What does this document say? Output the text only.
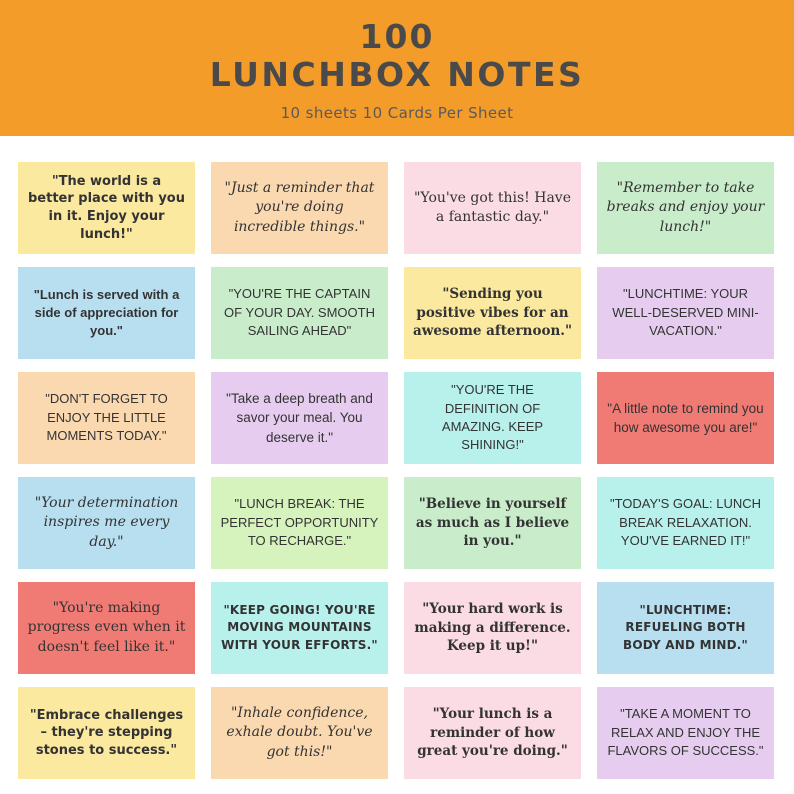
100
LUNCHBOX NOTES
10 sheets 10 Cards Per Sheet
"The world is a better place with you in it. Enjoy your lunch!"
"Just a reminder that you're doing incredible things."
"You've got this! Have a fantastic day."
"Remember to take breaks and enjoy your lunch!"
"Lunch is served with a side of appreciation for you."
"YOU'RE THE CAPTAIN OF YOUR DAY. SMOOTH SAILING AHEAD"
"Sending you positive vibes for an awesome afternoon."
"LUNCHTIME: YOUR WELL-DESERVED MINI-VACATION."
"DON'T FORGET TO ENJOY THE LITTLE MOMENTS TODAY."
"Take a deep breath and savor your meal. You deserve it."
"YOU'RE THE DEFINITION OF AMAZING. KEEP SHINING!"
"A little note to remind you how awesome you are!"
"Your determination inspires me every day."
"LUNCH BREAK: THE PERFECT OPPORTUNITY TO RECHARGE."
"Believe in yourself as much as I believe in you."
"TODAY'S GOAL: LUNCH BREAK RELAXATION. YOU'VE EARNED IT!"
"You're making progress even when it doesn't feel like it."
"KEEP GOING! YOU'RE MOVING MOUNTAINS WITH YOUR EFFORTS."
"Your hard work is making a difference. Keep it up!"
"LUNCHTIME: REFUELING BOTH BODY AND MIND."
"Embrace challenges – they're stepping stones to success."
"Inhale confidence, exhale doubt. You've got this!"
"Your lunch is a reminder of how great you're doing."
"TAKE A MOMENT TO RELAX AND ENJOY THE FLAVORS OF SUCCESS."
